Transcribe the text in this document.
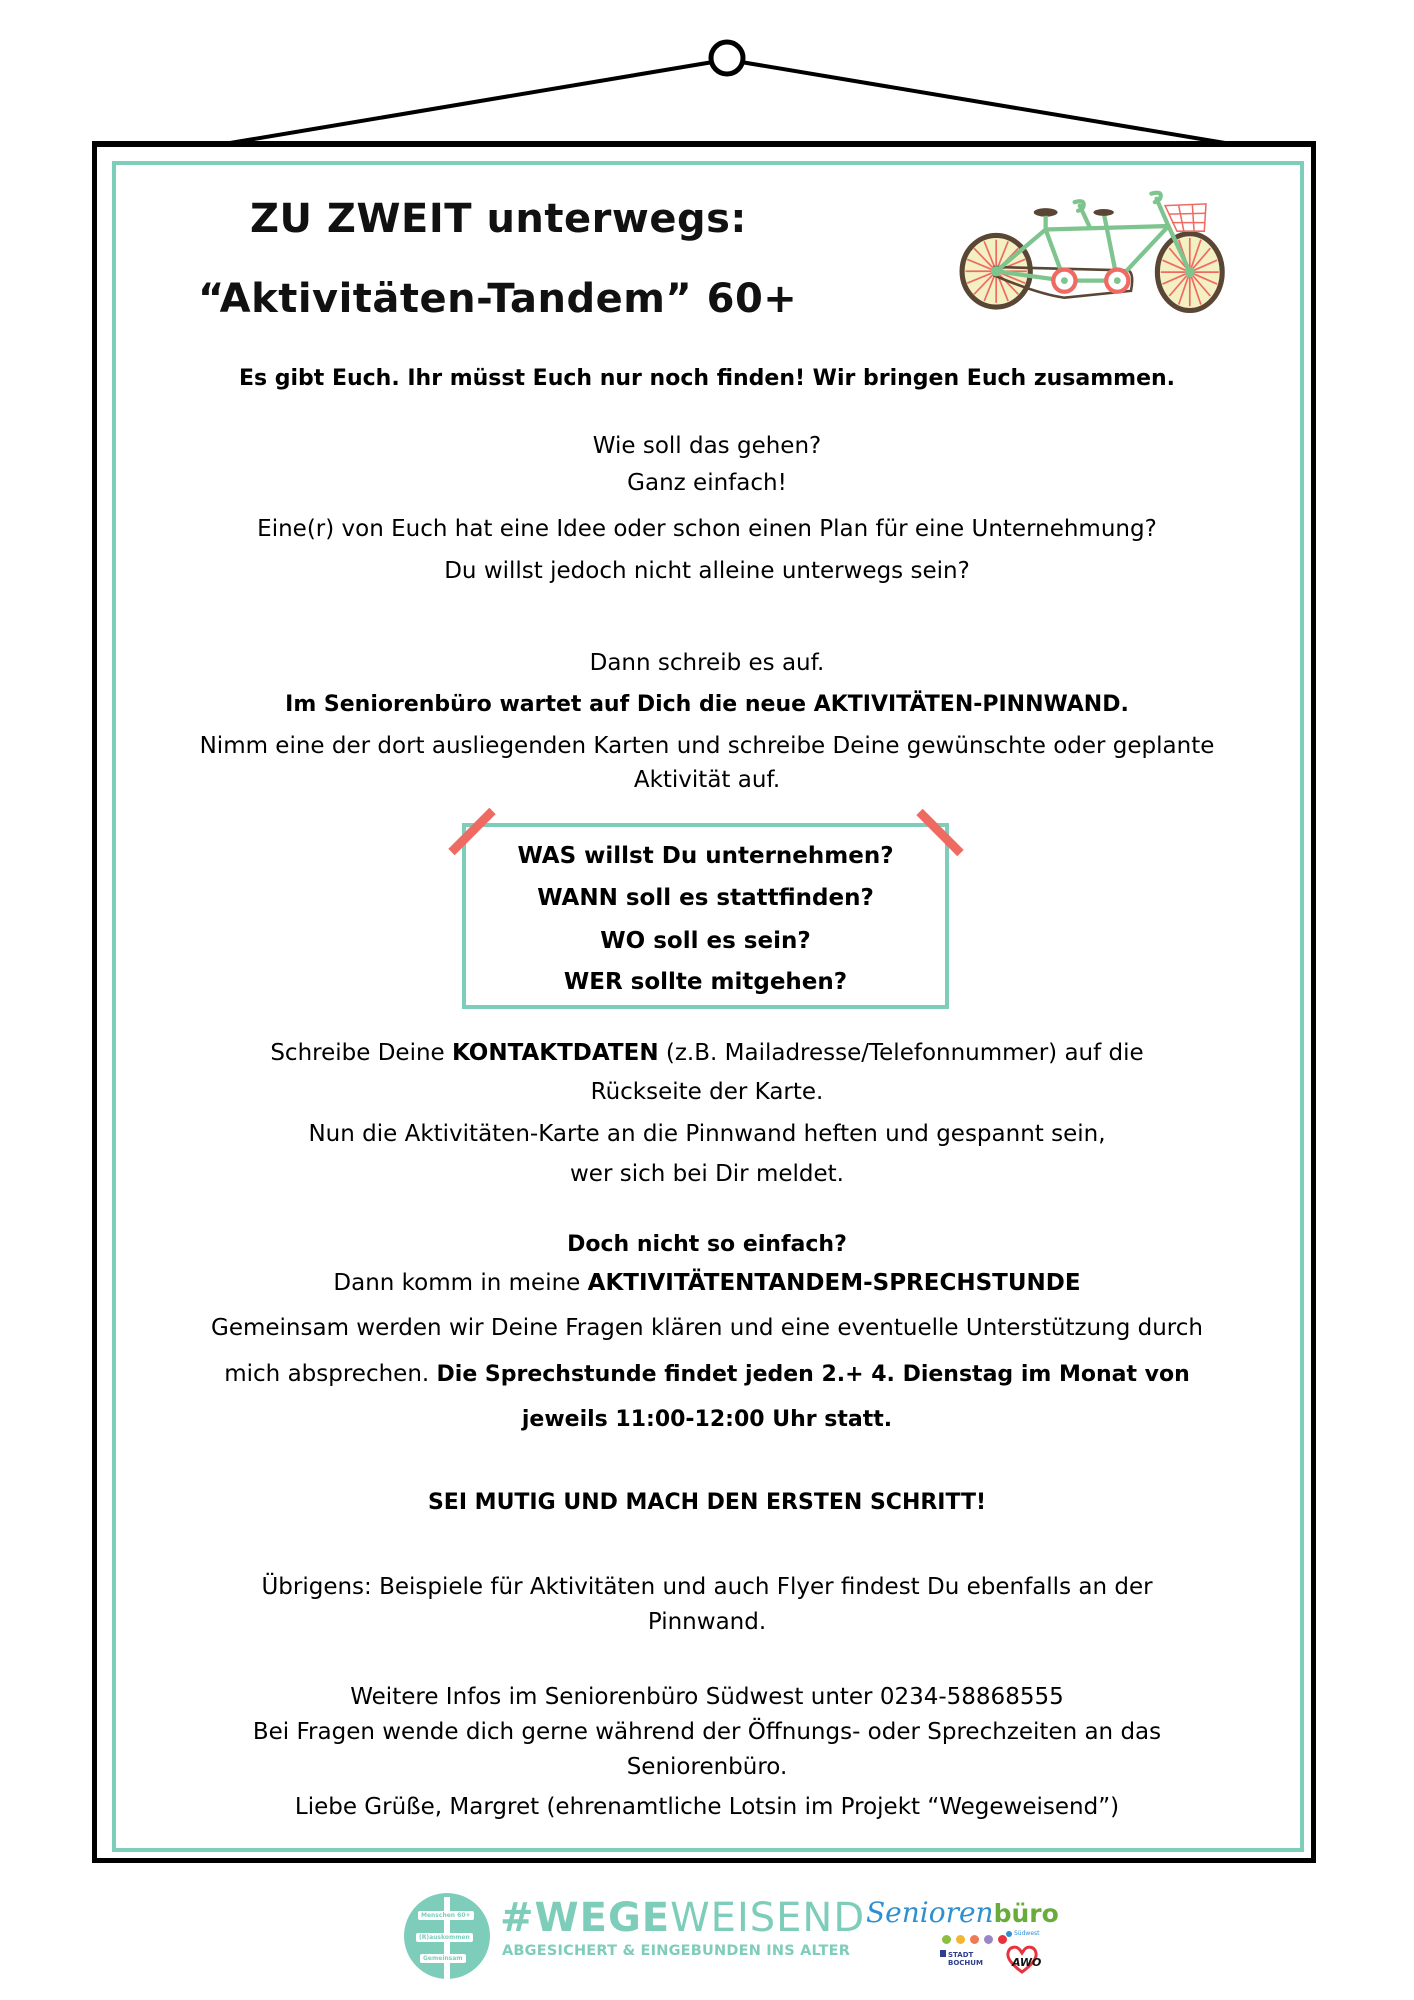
ZU ZWEIT unterwegs:
“Aktivitäten-Tandem” 60+
Es gibt Euch. Ihr müsst Euch nur noch finden! Wir bringen Euch zusammen.
Wie soll das gehen?
Ganz einfach!
Eine(r) von Euch hat eine Idee oder schon einen Plan für eine Unternehmung?
Du willst jedoch nicht alleine unterwegs sein?
Dann schreib es auf.
Im Seniorenbüro wartet auf Dich die neue AKTIVITÄTEN-PINNWAND.
Nimm eine der dort ausliegenden Karten und schreibe Deine gewünschte oder geplante
Aktivität auf.
WAS willst Du unternehmen?
WANN soll es stattfinden?
WO soll es sein?
WER sollte mitgehen?
Schreibe Deine KONTAKTDATEN (z.B. Mailadresse/Telefonnummer) auf die
Rückseite der Karte.
Nun die Aktivitäten-Karte an die Pinnwand heften und gespannt sein,
wer sich bei Dir meldet.
Doch nicht so einfach?
Dann komm in meine AKTIVITÄTENTANDEM-SPRECHSTUNDE
Gemeinsam werden wir Deine Fragen klären und eine eventuelle Unterstützung durch
mich absprechen. Die Sprechstunde findet jeden 2.+ 4. Dienstag im Monat von
jeweils 11:00-12:00 Uhr statt.
SEI MUTIG UND MACH DEN ERSTEN SCHRITT!
Übrigens: Beispiele für Aktivitäten und auch Flyer findest Du ebenfalls an der
Pinnwand.
Weitere Infos im Seniorenbüro Südwest unter 0234-58868555
Bei Fragen wende dich gerne während der Öffnungs- oder Sprechzeiten an das
Seniorenbüro.
Liebe Grüße, Margret (ehrenamtliche Lotsin im Projekt “Wegeweisend”)
Menschen 60+
(R)auskommen
Gemeinsam
#WEGEWEISEND
ABGESICHERT & EINGEBUNDEN INS ALTER
Seniorenbüro
Südwest
STADT
BOCHUM	AWO
